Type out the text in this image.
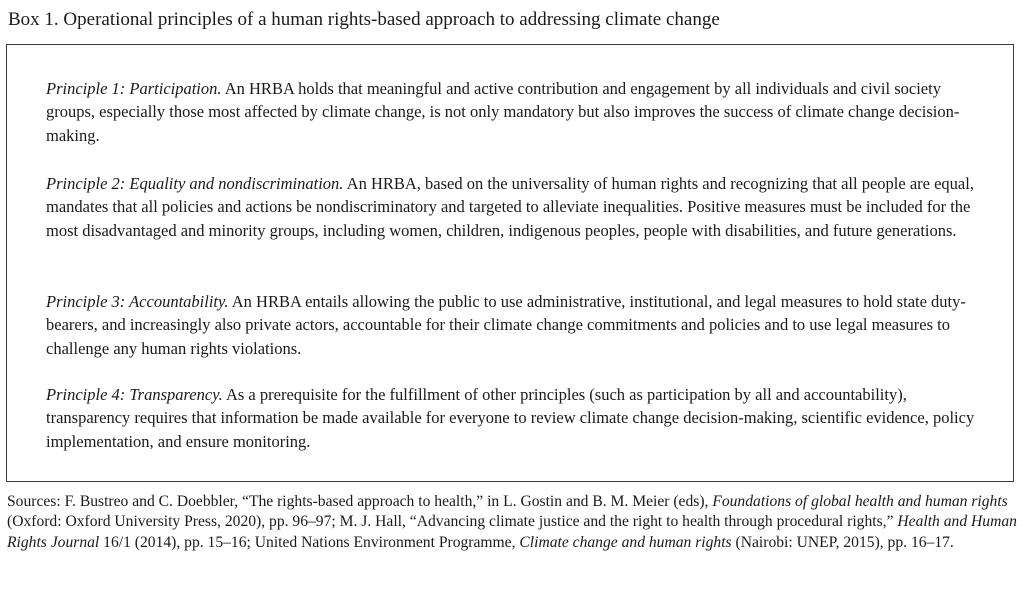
Box 1. Operational principles of a human rights-based approach to addressing climate change
Principle 1: Participation. An HRBA holds that meaningful and active contribution and engagement by all individuals and civil society groups, especially those most affected by climate change, is not only mandatory but also improves the success of climate change decision-making.
Principle 2: Equality and nondiscrimination. An HRBA, based on the universality of human rights and recognizing that all people are equal, mandates that all policies and actions be nondiscriminatory and targeted to alleviate inequalities. Positive measures must be included for the most disadvantaged and minority groups, including women, children, indigenous peoples, people with disabilities, and future generations.
Principle 3: Accountability. An HRBA entails allowing the public to use administrative, institutional, and legal measures to hold state duty-bearers, and increasingly also private actors, accountable for their climate change commitments and policies and to use legal measures to challenge any human rights violations.
Principle 4: Transparency. As a prerequisite for the fulfillment of other principles (such as participation by all and accountability), transparency requires that information be made available for everyone to review climate change decision-making, scientific evidence, policy implementation, and ensure monitoring.
Sources: F. Bustreo and C. Doebbler, “The rights-based approach to health,” in L. Gostin and B. M. Meier (eds), Foundations of global health and human rights (Oxford: Oxford University Press, 2020), pp. 96–97; M. J. Hall, “Advancing climate justice and the right to health through procedural rights,” Health and Human Rights Journal 16/1 (2014), pp. 15–16; United Nations Environment Programme, Climate change and human rights (Nairobi: UNEP, 2015), pp. 16–17.
